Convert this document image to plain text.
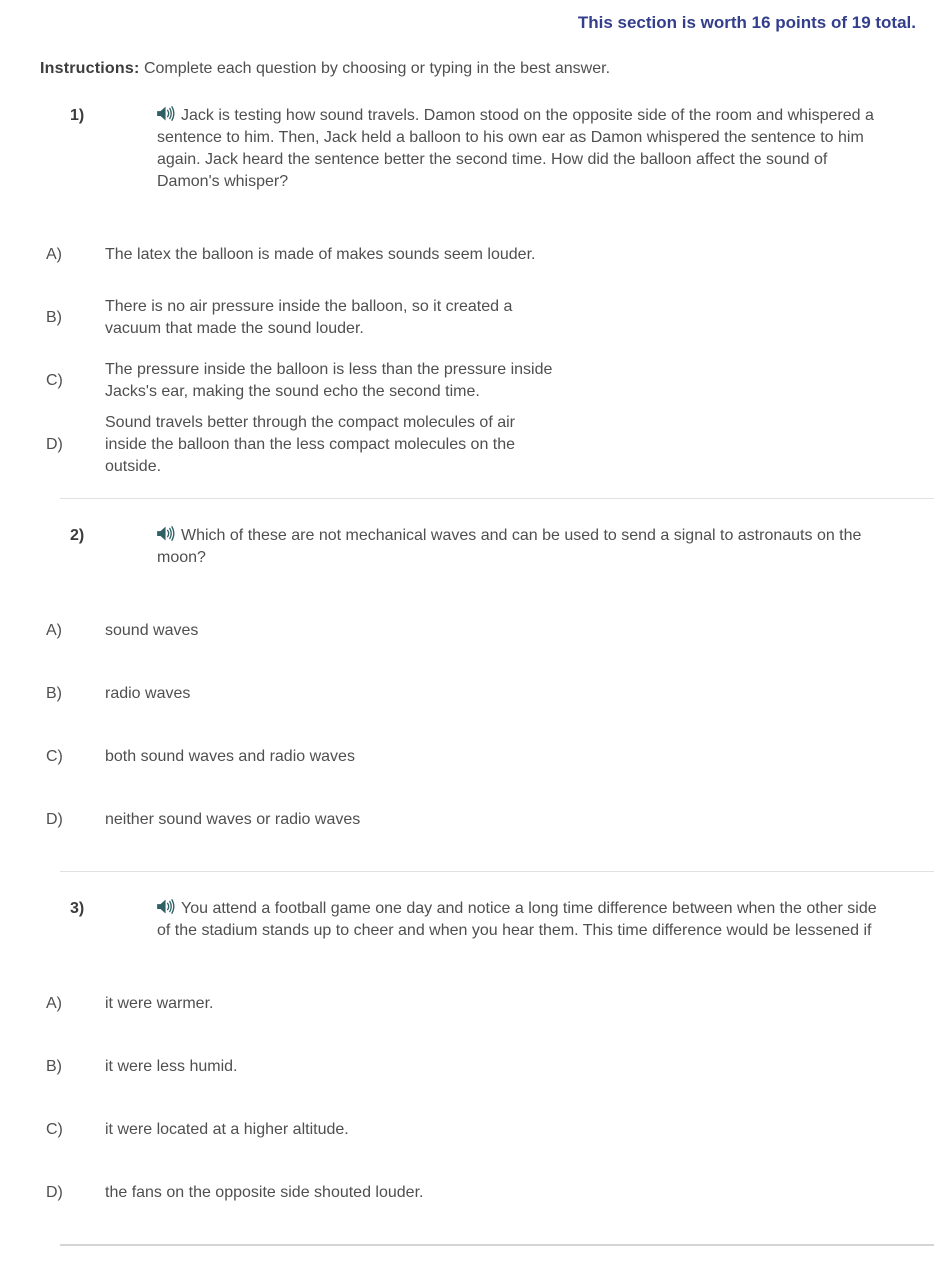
This section is worth 16 points of 19 total.
Instructions: Complete each question by choosing or typing in the best answer.
1)	Jack is testing how sound travels. Damon stood on the opposite side of the room and whispered a sentence to him. Then, Jack held a balloon to his own ear as Damon whispered the sentence to him again. Jack heard the sentence better the second time. How did the balloon affect the sound of Damon's whisper?
A)	The latex the balloon is made of makes sounds seem louder.
B)
There is no air pressure inside the balloon, so it created a vacuum that made the sound louder.
C)
The pressure inside the balloon is less than the pressure inside Jacks's ear, making the sound echo the second time.
D)
Sound travels better through the compact molecules of air inside the balloon than the less compact molecules on the outside.
2)	Which of these are not mechanical waves and can be used to send a signal to astronauts on the moon?
A)	sound waves
B)	radio waves
C)	both sound waves and radio waves
D)	neither sound waves or radio waves
3)	You attend a football game one day and notice a long time difference between when the other side of the stadium stands up to cheer and when you hear them. This time difference would be lessened if
A)	it were warmer.
B)	it were less humid.
C)	it were located at a higher altitude.
D)	the fans on the opposite side shouted louder.
